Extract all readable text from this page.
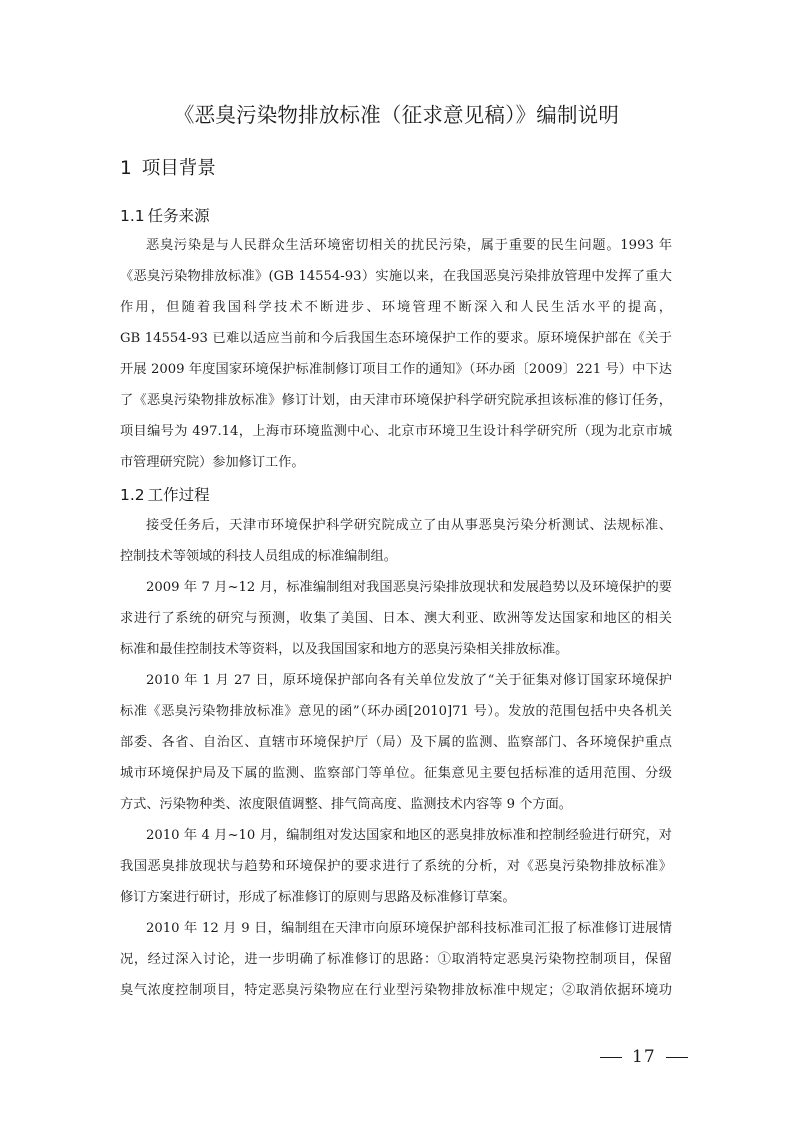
《恶臭污染物排放标准（征求意见稿）》编制说明
1 项目背景
1.1 任务来源
恶臭污染是与人民群众生活环境密切相关的扰民污染，属于重要的民生问题。1993 年
《恶臭污染物排放标准》(GB 14554-93）实施以来，在我国恶臭污染排放管理中发挥了重大
作用，但随着我国科学技术不断进步、环境管理不断深入和人民生活水平的提高，
GB 14554-93 已难以适应当前和今后我国生态环境保护工作的要求。原环境保护部在《关于
开展 2009 年度国家环境保护标准制修订项目工作的通知》（环办函〔2009〕221 号）中下达
了《恶臭污染物排放标准》修订计划，由天津市环境保护科学研究院承担该标准的修订任务，
项目编号为 497.14，上海市环境监测中心、北京市环境卫生设计科学研究所（现为北京市城
市管理研究院）参加修订工作。
1.2 工作过程
接受任务后，天津市环境保护科学研究院成立了由从事恶臭污染分析测试、法规标准、
控制技术等领域的科技人员组成的标准编制组。
2009 年 7 月~12 月，标准编制组对我国恶臭污染排放现状和发展趋势以及环境保护的要
求进行了系统的研究与预测，收集了美国、日本、澳大利亚、欧洲等发达国家和地区的相关
标准和最佳控制技术等资料，以及我国国家和地方的恶臭污染相关排放标准。
2010 年 1 月 27 日，原环境保护部向各有关单位发放了“关于征集对修订国家环境保护
标准《恶臭污染物排放标准》意见的函”（环办函[2010]71 号）。发放的范围包括中央各机关
部委、各省、自治区、直辖市环境保护厅（局）及下属的监测、监察部门、各环境保护重点
城市环境保护局及下属的监测、监察部门等单位。征集意见主要包括标准的适用范围、分级
方式、污染物种类、浓度限值调整、排气筒高度、监测技术内容等 9 个方面。
2010 年 4 月~10 月，编制组对发达国家和地区的恶臭排放标准和控制经验进行研究，对
我国恶臭排放现状与趋势和环境保护的要求进行了系统的分析，对《恶臭污染物排放标准》
修订方案进行研讨，形成了标准修订的原则与思路及标准修订草案。
2010 年 12 月 9 日，编制组在天津市向原环境保护部科技标准司汇报了标准修订进展情
况，经过深入讨论，进一步明确了标准修订的思路：①取消特定恶臭污染物控制项目，保留
臭气浓度控制项目，特定恶臭污染物应在行业型污染物排放标准中规定；②取消依据环境功
17
